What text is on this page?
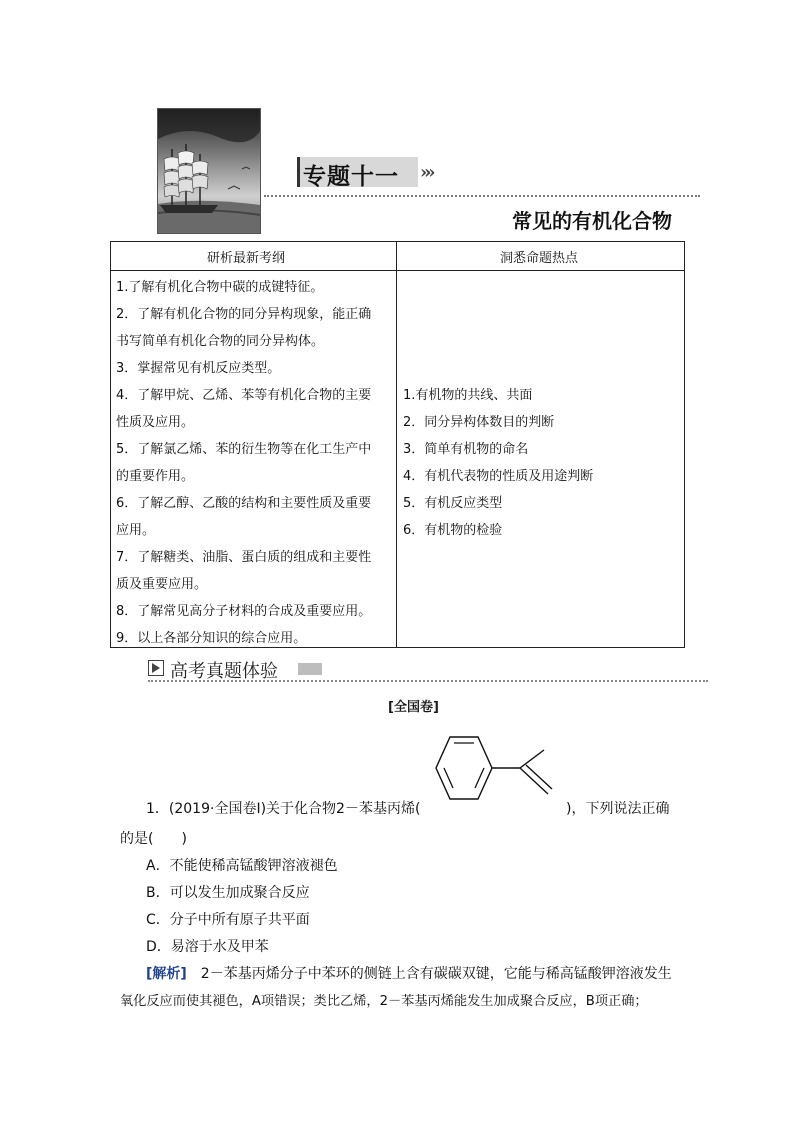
专题十一 »»
常见的有机化合物
研析最新考纲	洞悉命题热点
1.了解有机化合物中碳的成键特征。
2．了解有机化合物的同分异构现象，能正确
书写简单有机化合物的同分异构体。
3．掌握常见有机反应类型。
4．了解甲烷、乙烯、苯等有机化合物的主要
性质及应用。
5．了解氯乙烯、苯的衍生物等在化工生产中
的重要作用。
6．了解乙醇、乙酸的结构和主要性质及重要
应用。
7．了解糖类、油脂、蛋白质的组成和主要性
质及重要应用。
8．了解常见高分子材料的合成及重要应用。
9．以上各部分知识的综合应用。
1.有机物的共线、共面
2．同分异构体数目的判断
3．简单有机物的命名
4．有机代表物的性质及用途判断
5．有机反应类型
6．有机物的检验
高考真题体验
[全国卷]
1．(2019·全国卷Ⅰ)关于化合物2－苯基丙烯(	)，下列说法正确
的是(　　)
A．不能使稀高锰酸钾溶液褪色
B．可以发生加成聚合反应
C．分子中所有原子共平面
D．易溶于水及甲苯
[解析]　2－苯基丙烯分子中苯环的侧链上含有碳碳双键，它能与稀高锰酸钾溶液发生
氧化反应而使其褪色，A项错误；类比乙烯，2－苯基丙烯能发生加成聚合反应，B项正确；
